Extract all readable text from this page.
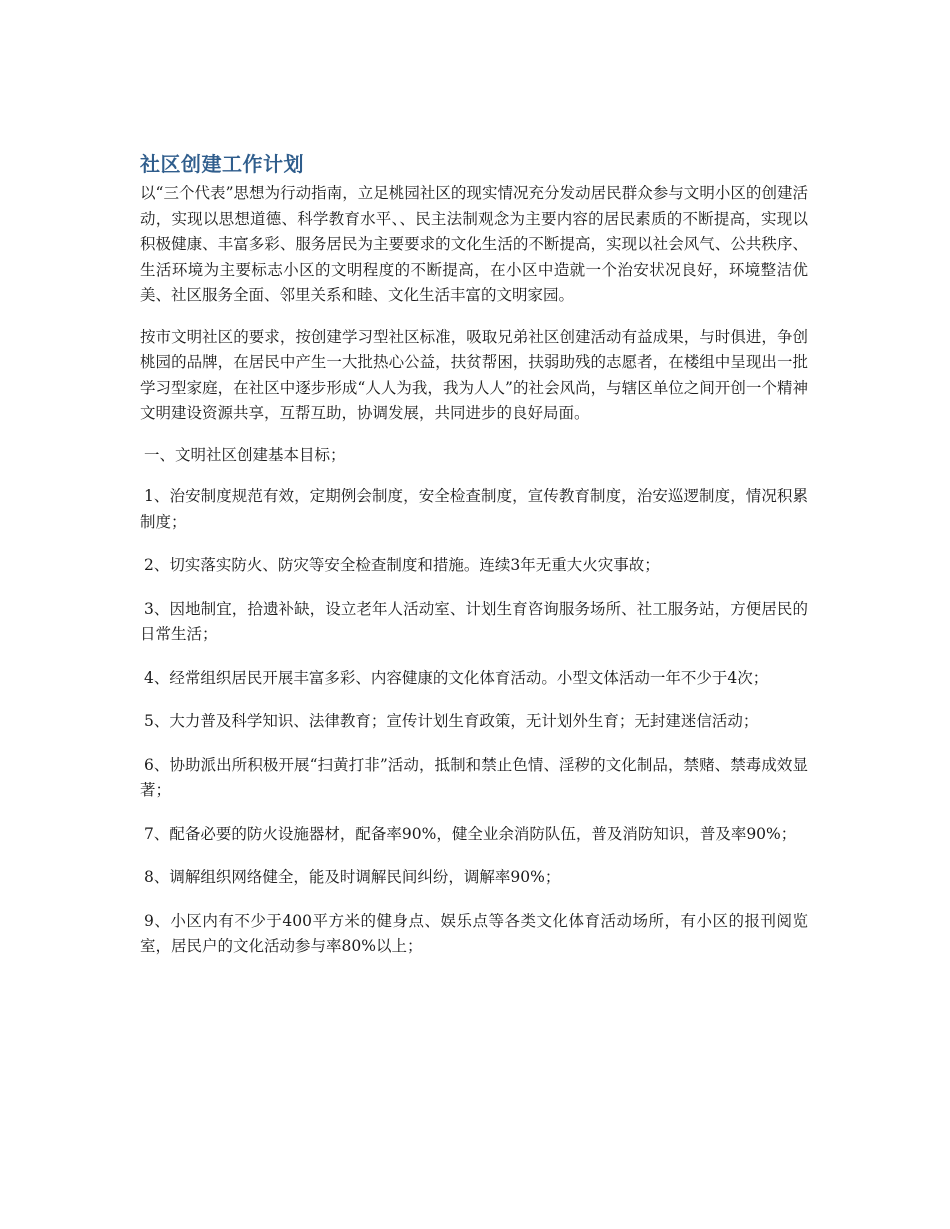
社区创建工作计划

以“三个代表”思想为行动指南，立足桃园社区的现实情况充分发动居民群众参与文明小区的创建活动，实现以思想道德、科学教育水平、、民主法制观念为主要内容的居民素质的不断提高，实现以积极健康、丰富多彩、服务居民为主要要求的文化生活的不断提高，实现以社会风气、公共秩序、生活环境为主要标志小区的文明程度的不断提高，在小区中造就一个治安状况良好，环境整洁优美、社区服务全面、邻里关系和睦、文化生活丰富的文明家园。

按市文明社区的要求，按创建学习型社区标准，吸取兄弟社区创建活动有益成果，与时俱进，争创桃园的品牌，在居民中产生一大批热心公益，扶贫帮困，扶弱助残的志愿者，在楼组中呈现出一批学习型家庭，在社区中逐步形成“人人为我，我为人人”的社会风尚，与辖区单位之间开创一个精神文明建设资源共享，互帮互助，协调发展，共同进步的良好局面。

一、文明社区创建基本目标；

1、治安制度规范有效，定期例会制度，安全检查制度，宣传教育制度，治安巡逻制度，情况积累制度；

2、切实落实防火、防灾等安全检查制度和措施。连续3年无重大火灾事故；

3、因地制宜，拾遗补缺，设立老年人活动室、计划生育咨询服务场所、社工服务站，方便居民的日常生活；

4、经常组织居民开展丰富多彩、内容健康的文化体育活动。小型文体活动一年不少于4次；

5、大力普及科学知识、法律教育；宣传计划生育政策，无计划外生育；无封建迷信活动；

6、协助派出所积极开展“扫黄打非”活动，抵制和禁止色情、淫秽的文化制品，禁赌、禁毒成效显著；

7、配备必要的防火设施器材，配备率90%，健全业余消防队伍，普及消防知识，普及率90%；

8、调解组织网络健全，能及时调解民间纠纷，调解率90%；

9、小区内有不少于400平方米的健身点、娱乐点等各类文化体育活动场所，有小区的报刊阅览室，居民户的文化活动参与率80%以上；
